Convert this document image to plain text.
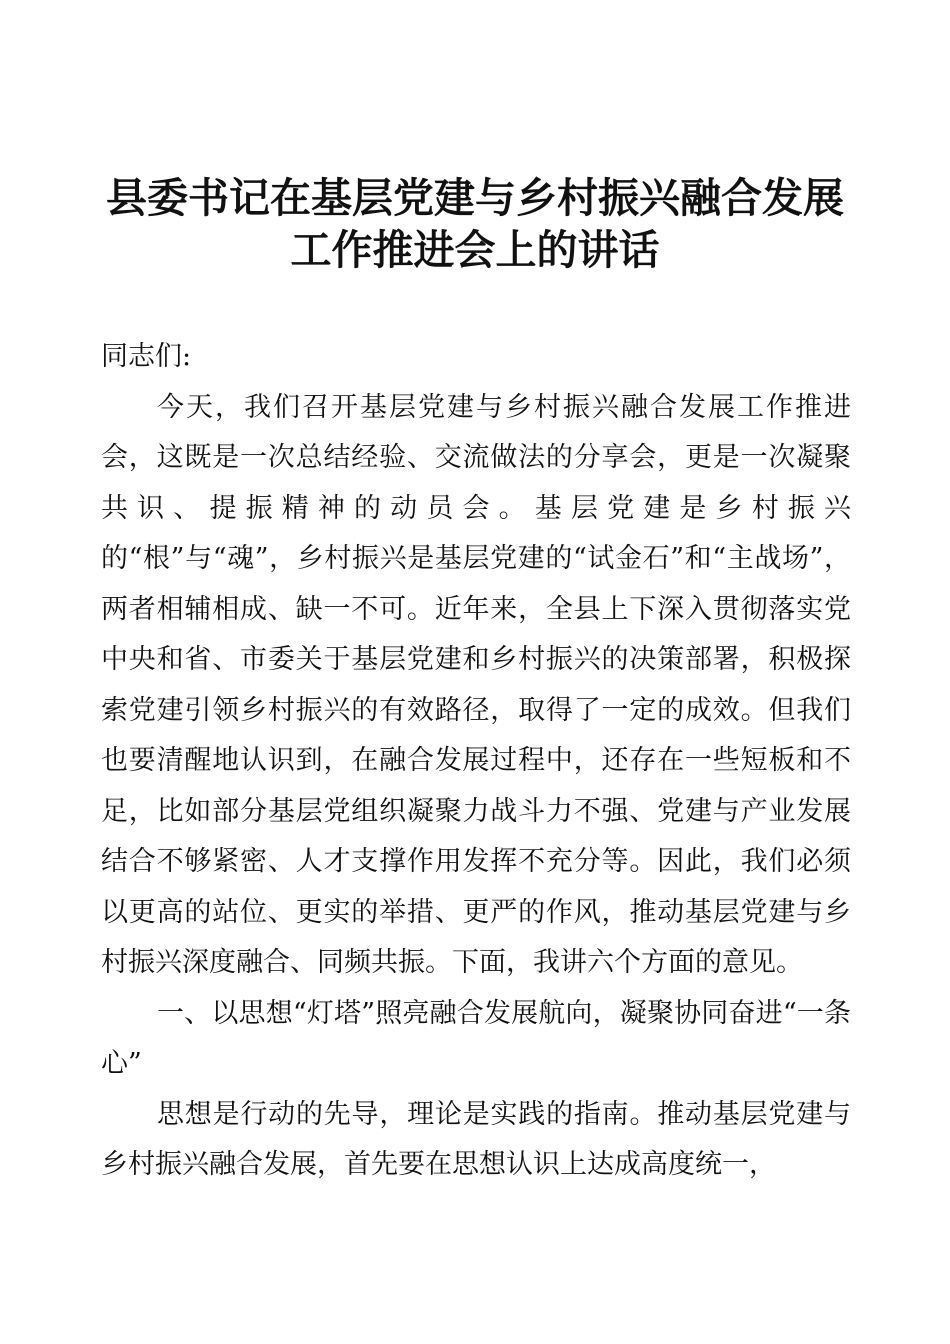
县委书记在基层党建与乡村振兴融合发展
工作推进会上的讲话

同志们:

今天，我们召开基层党建与乡村振兴融合发展工作推进会，这既是一次总结经验、交流做法的分享会，更是一次凝聚共识、提振精神的动员会。基层党建是乡村振兴的“根”与“魂”，乡村振兴是基层党建的“试金石”和“主战场”，两者相辅相成、缺一不可。近年来，全县上下深入贯彻落实党中央和省、市委关于基层党建和乡村振兴的决策部署，积极探索党建引领乡村振兴的有效路径，取得了一定的成效。但我们也要清醒地认识到，在融合发展过程中，还存在一些短板和不足，比如部分基层党组织凝聚力战斗力不强、党建与产业发展结合不够紧密、人才支撑作用发挥不充分等。因此，我们必须以更高的站位、更实的举措、更严的作风，推动基层党建与乡村振兴深度融合、同频共振。下面，我讲六个方面的意见。

一、以思想“灯塔”照亮融合发展航向，凝聚协同奋进“一条心”

思想是行动的先导，理论是实践的指南。推动基层党建与乡村振兴融合发展，首先要在思想认识上达成高度统一，
